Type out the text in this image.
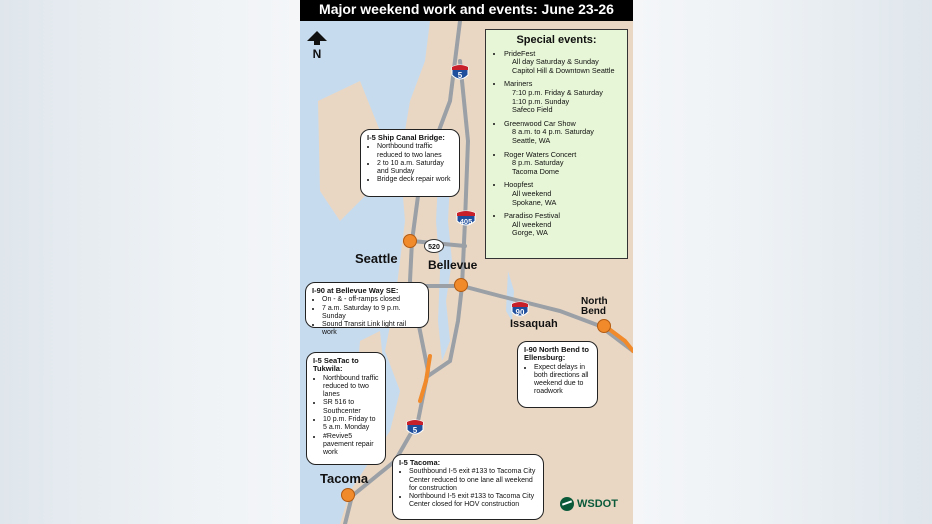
Major weekend work and events: June 23-26
N
5
405
520
90
5
Seattle	Bellevue
Issaquah
North Bend
Tacoma
Special events:
• PrideFest
All day Saturday & Sunday
Capitol Hill & Downtown Seattle
• Mariners
7:10 p.m. Friday & Saturday
1:10 p.m. Sunday
Safeco Field
• Greenwood Car Show
8 a.m. to 4 p.m. Saturday
Seattle, WA
• Roger Waters Concert
8 p.m. Saturday
Tacoma Dome
• Hoopfest
All weekend
Spokane, WA
• Paradiso Festival
All weekend
Gorge, WA
I-5 Ship Canal Bridge:
• Northbound traffic reduced to two lanes
• 2 to 10 a.m. Saturday and Sunday
• Bridge deck repair work
I-90 at Bellevue Way SE:
• On - & - off-ramps closed
• 7 a.m. Saturday to 9 p.m. Sunday
• Sound Transit Link light rail work
I-5 SeaTac to Tukwila:
• Northbound traffic reduced to two lanes
• SR 516 to Southcenter
• 10 p.m. Friday to 5 a.m. Monday
• #Revive5 pavement repair work
I-90 North Bend to Ellensburg:
• Expect delays in both directions all weekend due to roadwork
I-5 Tacoma:
• Southbound I-5 exit #133 to Tacoma City Center reduced to one lane all weekend for construction
• Northbound I-5 exit #133 to Tacoma City Center closed for HOV construction	WSDOT
